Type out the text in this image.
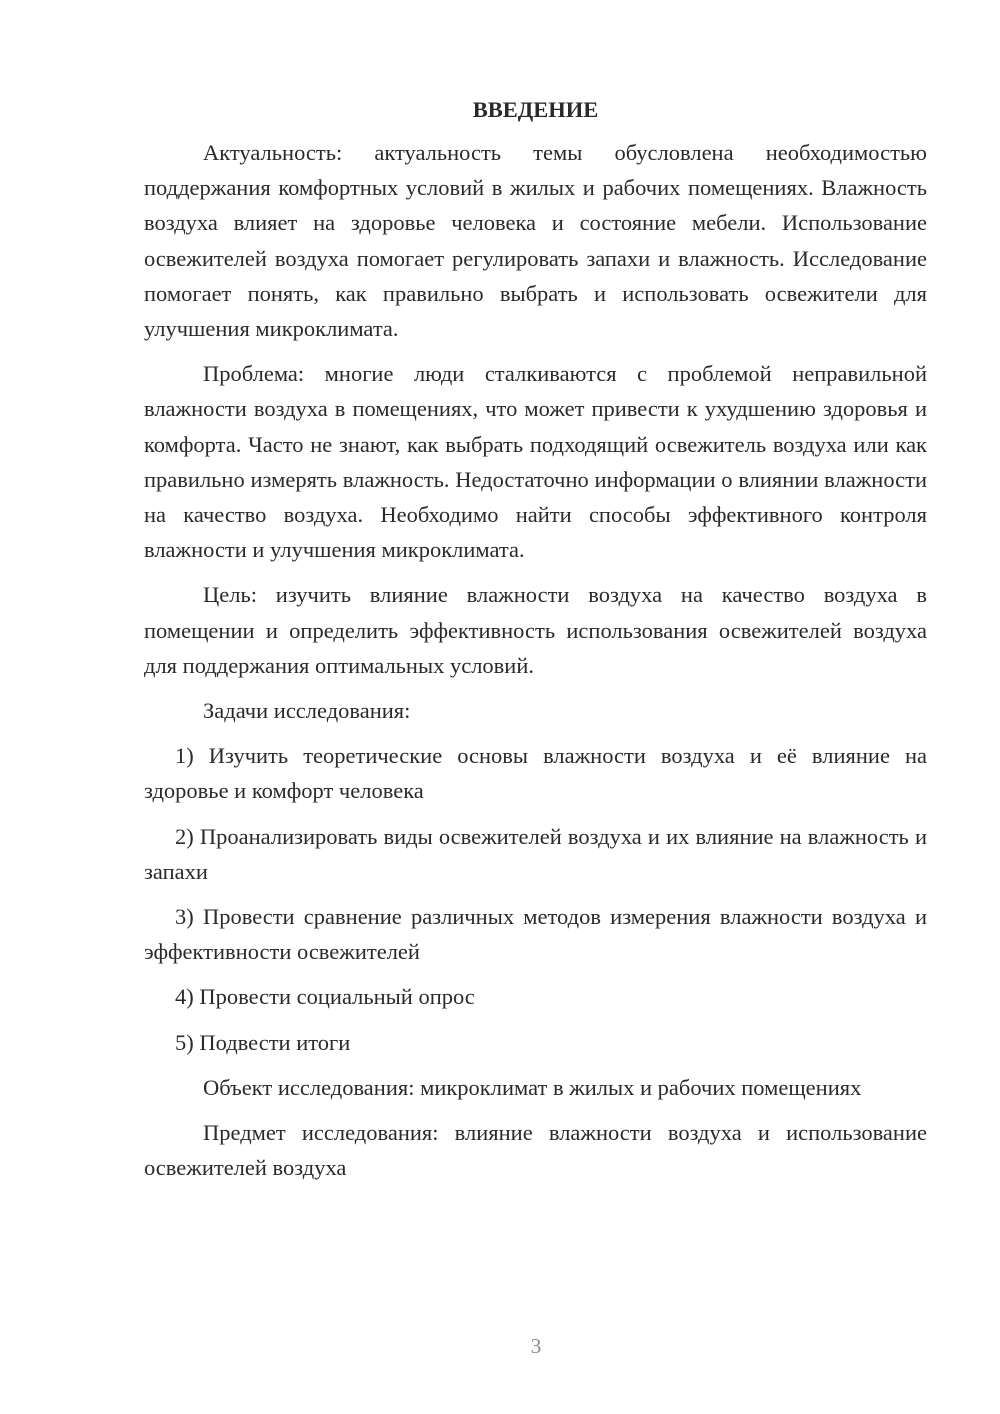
ВВЕДЕНИЕ

Актуальность: актуальность темы обусловлена необходимостью поддержания комфортных условий в жилых и рабочих помещениях. Влажность воздуха влияет на здоровье человека и состояние мебели. Использование освежителей воздуха помогает регулировать запахи и влажность. Исследование помогает понять, как правильно выбрать и использовать освежители для улучшения микроклимата.

Проблема: многие люди сталкиваются с проблемой неправильной влажности воздуха в помещениях, что может привести к ухудшению здоровья и комфорта. Часто не знают, как выбрать подходящий освежитель воздуха или как правильно измерять влажность. Недостаточно информации о влиянии влажности на качество воздуха. Необходимо найти способы эффективного контроля влажности и улучшения микроклимата.

Цель: изучить влияние влажности воздуха на качество воздуха в помещении и определить эффективность использования освежителей воздуха для поддержания оптимальных условий.

Задачи исследования:

1) Изучить теоретические основы влажности воздуха и её влияние на здоровье и комфорт человека

2) Проанализировать виды освежителей воздуха и их влияние на влажность и запахи

3) Провести сравнение различных методов измерения влажности воздуха и эффективности освежителей

4) Провести социальный опрос

5) Подвести итоги

Объект исследования: микроклимат в жилых и рабочих помещениях

Предмет исследования: влияние влажности воздуха и использование освежителей воздуха

3
